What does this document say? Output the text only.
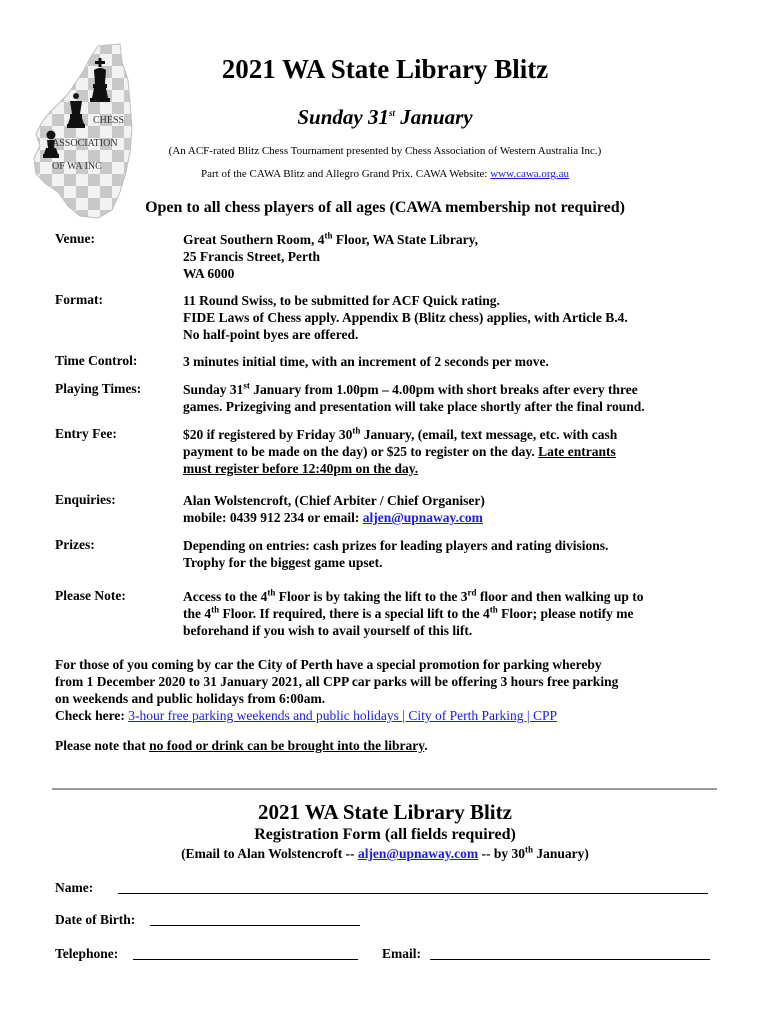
CHESS
ASSOCIATION
OF WA INC
2021 WA State Library Blitz
Sunday 31st January
(An ACF-rated Blitz Chess Tournament presented by Chess Association of Western Australia Inc.)
Part of the CAWA Blitz and Allegro Grand Prix. CAWA Website: www.cawa.org.au
Open to all chess players of all ages (CAWA membership not required)
Venue:	Great Southern Room, 4th Floor, WA State Library,
25 Francis Street, Perth
WA 6000
Format:	11 Round Swiss, to be submitted for ACF Quick rating.
FIDE Laws of Chess apply. Appendix B (Blitz chess) applies, with Article B.4.
No half-point byes are offered.
Time Control:	3 minutes initial time, with an increment of 2 seconds per move.
Playing Times:	Sunday 31st January from 1.00pm – 4.00pm with short breaks after every three
games. Prizegiving and presentation will take place shortly after the final round.
Entry Fee:	$20 if registered by Friday 30th January, (email, text message, etc. with cash
payment to be made on the day) or $25 to register on the day. Late entrants
must register before 12:40pm on the day.
Enquiries:	Alan Wolstencroft, (Chief Arbiter / Chief Organiser)
mobile: 0439 912 234 or email: aljen@upnaway.com
Prizes:	Depending on entries: cash prizes for leading players and rating divisions.
Trophy for the biggest game upset.
Please Note:	Access to the 4th Floor is by taking the lift to the 3rd floor and then walking up to
the 4th Floor. If required, there is a special lift to the 4th Floor; please notify me
beforehand if you wish to avail yourself of this lift.
For those of you coming by car the City of Perth have a special promotion for parking whereby
from 1 December 2020 to 31 January 2021, all CPP car parks will be offering 3 hours free parking
on weekends and public holidays from 6:00am.
Check here: 3-hour free parking weekends and public holidays | City of Perth Parking | CPP
Please note that no food or drink can be brought into the library.
2021 WA State Library Blitz
Registration Form (all fields required)
(Email to Alan Wolstencroft -- aljen@upnaway.com -- by 30th January)
Name:
Date of Birth:
Telephone:	Email:
